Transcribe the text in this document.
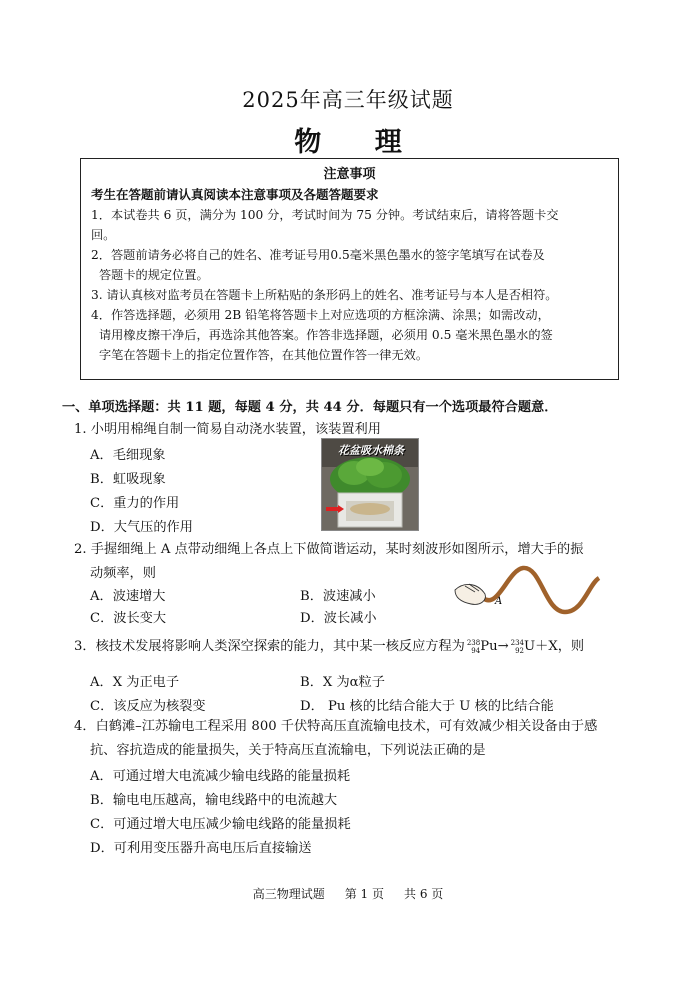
2025年高三年级试题
物 理
注意事项
考生在答题前请认真阅读本注意事项及各题答题要求
1．本试卷共 6 页，满分为 100 分，考试时间为 75 分钟。考试结束后，请将答题卡交
回。
2．答题前请务必将自己的姓名、准考证号用0.5毫米黑色墨水的签字笔填写在试卷及
答题卡的规定位置。
3. 请认真核对监考员在答题卡上所粘贴的条形码上的姓名、准考证号与本人是否相符。
4．作答选择题，必须用 2B 铅笔将答题卡上对应选项的方框涂满、涂黑；如需改动，
请用橡皮擦干净后，再选涂其他答案。作答非选择题，必须用 0.5 毫米黑色墨水的签
字笔在答题卡上的指定位置作答，在其他位置作答一律无效。
一、单项选择题：共 11 题，每题 4 分，共 44 分．每题只有一个选项最符合题意．
1. 小明用棉绳自制一简易自动浇水装置，该装置利用
A．毛细现象
B．虹吸现象
C．重力的作用
D．大气压的作用
花盆吸水棉条
2. 手握细绳上 A 点带动细绳上各点上下做简谐运动，某时刻波形如图所示，增大手的振
动频率，则
A．波速增大	B．波速减小
C．波长变大	D．波长减小
A
3．核技术发展将影响人类深空探索的能力，其中某一核反应方程为 238
94Pu→ 234
92U＋X，则
A．X 为正电子	B．X 为α粒子
C．该反应为核裂变	D． Pu 核的比结合能大于 U 核的比结合能
4．白鹤滩–江苏输电工程采用 800 千伏特高压直流输电技术，可有效减少相关设备由于感
抗、容抗造成的能量损失，关于特高压直流输电，下列说法正确的是
A．可通过增大电流减少输电线路的能量损耗
B．输电电压越高，输电线路中的电流越大
C．可通过增大电压减少输电线路的能量损耗
D．可利用变压器升高电压后直接输送
高三物理试题 第 1 页 共 6 页
